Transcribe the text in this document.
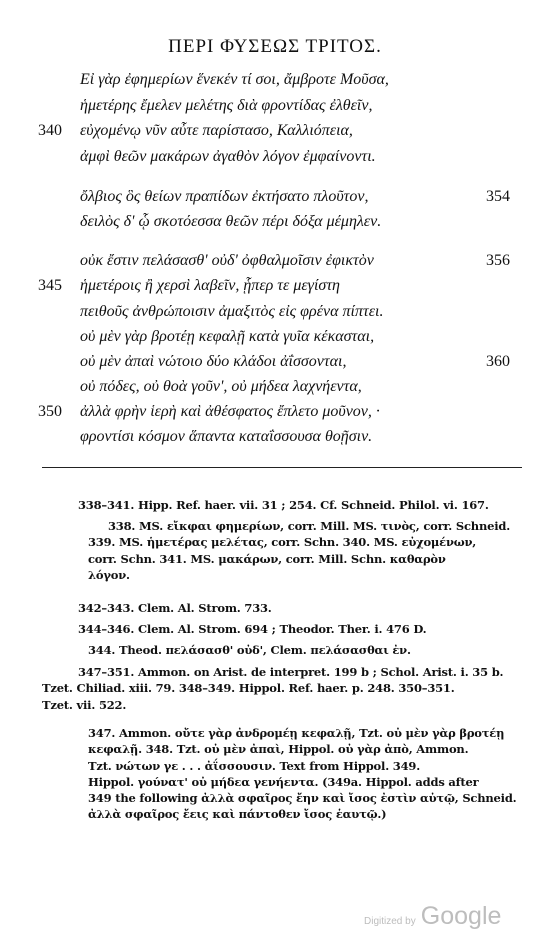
ΠΕΡΙ ΦΥΣΕΩΣ ΤΡΙΤΟΣ.
Εἰ γὰρ ἐφημερίων ἕνεκέν τί σοι, ἄμβροτε Μοῦσα,
ἡμετέρης ἔμελεν μελέτης διὰ φροντίδας ἐλθεῖν,
εὐχομένῳ νῦν αὖτε παρίστασο, Καλλιόπεια,
340
ἀμφὶ θεῶν μακάρων ἀγαθὸν λόγον ἐμφαίνοντι.
ὄλβιος ὃς θείων πραπίδων ἐκτήσατο πλοῦτον,	354
δειλὸς δ' ᾧ σκοτόεσσα θεῶν πέρι δόξα μέμηλεν.
οὐκ ἔστιν πελάσασθ' οὐδ' ὀφθαλμοῖσιν ἐφικτὸν	356
ἡμετέροις ἢ χερσὶ λαβεῖν, ᾗπερ τε μεγίστη
345
πειθοῦς ἀνθρώποισιν ἀμαξιτὸς εἰς φρένα πίπτει.
οὐ μὲν γὰρ βροτέῃ κεφαλῇ κατὰ γυῖα κέκασται,
οὐ μὲν ἀπαὶ νώτοιο δύο κλάδοι ἀΐσσονται,	360
οὐ πόδες, οὐ θοὰ γοῦν', οὐ μήδεα λαχνήεντα,
ἀλλὰ φρὴν ἱερὴ καὶ ἀθέσφατος ἔπλετο μοῦνον, ·
350
φροντίσι κόσμον ἅπαντα καταΐσσουσα θοῇσιν.
338–341. Hipp. Ref. haer. vii. 31 ; 254. Cf. Schneid. Philol. vi. 167.
338. MS. εἴκφαι φημερίων, corr. Mill. MS. τινὸς, corr. Schneid.
339. MS. ἡμετέρας μελέτας, corr. Schn. 340. MS. εὐχομένων,
corr. Schn. 341. MS. μακάρων, corr. Mill. Schn. καθαρὸν
λόγον.
342–343. Clem. Al. Strom. 733.
344–346. Clem. Al. Strom. 694 ; Theodor. Ther. i. 476 D.
344. Theod. πελάσασθ' οὐδ', Clem. πελάσασθαι ἐν.
347–351. Ammon. on Arist. de interpret. 199 b ; Schol. Arist. i. 35 b.
Tzet. Chiliad. xiii. 79. 348–349. Hippol. Ref. haer. p. 248. 350–351.
Tzet. vii. 522.
347. Ammon. οὔτε γὰρ ἀνδρομέῃ κεφαλῇ, Tzt. οὐ μὲν γὰρ βροτέῃ
κεφαλῇ. 348. Tzt. οὐ μὲν ἀπαὶ, Hippol. οὐ γὰρ ἀπὸ, Ammon.
Tzt. νώτων γε . . . ἀΐσσουσιν. Text from Hippol. 349.
Hippol. γούνατ' οὐ μήδεα γενήεντα. (349a. Hippol. adds after
349 the following ἀλλὰ σφαῖρος ἔην καὶ ἴσος ἐστὶν αὐτῷ, Schneid.
ἀλλὰ σφαῖρος ἔεις καὶ πάντοθεν ἴσος ἑαυτῷ.)
Digitized by Google
